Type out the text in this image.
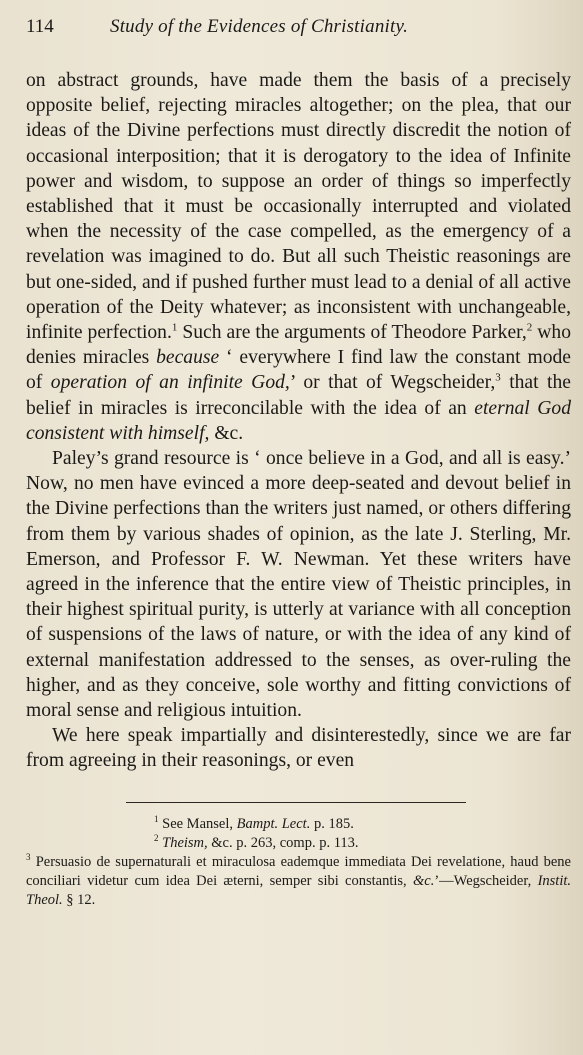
114	Study of the Evidences of Christianity.

on abstract grounds, have made them the basis of a precisely opposite belief, rejecting miracles altogether; on the plea, that our ideas of the Divine perfections must directly discredit the notion of occasional interposition; that it is derogatory to the idea of Infinite power and wisdom, to suppose an order of things so imperfectly established that it must be occasionally interrupted and violated when the necessity of the case compelled, as the emergency of a revelation was imagined to do. But all such Theistic reasonings are but one-sided, and if pushed further must lead to a denial of all active operation of the Deity whatever; as inconsistent with unchangeable, infinite perfection.$^1$ Such are the arguments of Theodore Parker,$^2$ who denies miracles because ‘ everywhere I find law the constant mode of operation of an infinite God,’ or that of Wegscheider,$^3$ that the belief in miracles is irreconcilable with the idea of an eternal God consistent with himself, &c.

Paley’s grand resource is ‘ once believe in a God, and all is easy.’ Now, no men have evinced a more deep-seated and devout belief in the Divine perfections than the writers just named, or others differing from them by various shades of opinion, as the late J. Sterling, Mr. Emerson, and Professor F. W. Newman. Yet these writers have agreed in the inference that the entire view of Theistic principles, in their highest spiritual purity, is utterly at variance with all conception of suspensions of the laws of nature, or with the idea of any kind of external manifestation addressed to the senses, as over-ruling the higher, and as they conceive, sole worthy and fitting convictions of moral sense and religious intuition.

We here speak impartially and disinterestedly, since we are far from agreeing in their reasonings, or even

$^1$ See Mansel, Bampt. Lect. p. 185.

$^2$ Theism, &c. p. 263, comp. p. 113.

$^3$ Persuasio de supernaturali et miraculosa eademque immediata Dei revelatione, haud bene conciliari videtur cum idea Dei æterni, semper sibi constantis, &c.’—Wegscheider, Instit. Theol. § 12.
